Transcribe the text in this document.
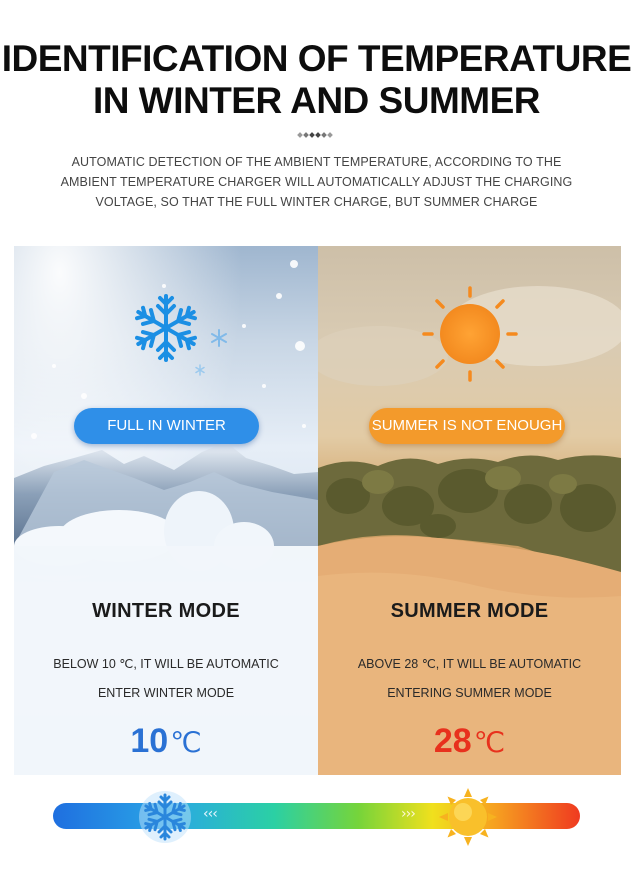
IDENTIFICATION OF TEMPERATURE
IN WINTER AND SUMMER
AUTOMATIC DETECTION OF THE AMBIENT TEMPERATURE, ACCORDING TO THE
AMBIENT TEMPERATURE CHARGER WILL AUTOMATICALLY ADJUST THE CHARGING
VOLTAGE, SO THAT THE FULL WINTER CHARGE, BUT SUMMER CHARGE
FULL IN WINTER
WINTER MODE
BELOW 10 ℃, IT WILL BE AUTOMATIC
ENTER WINTER MODE
10℃
SUMMER IS NOT ENOUGH
SUMMER MODE
ABOVE 28 ℃, IT WILL BE AUTOMATIC
ENTERING SUMMER MODE
28℃
‹‹‹	›››
